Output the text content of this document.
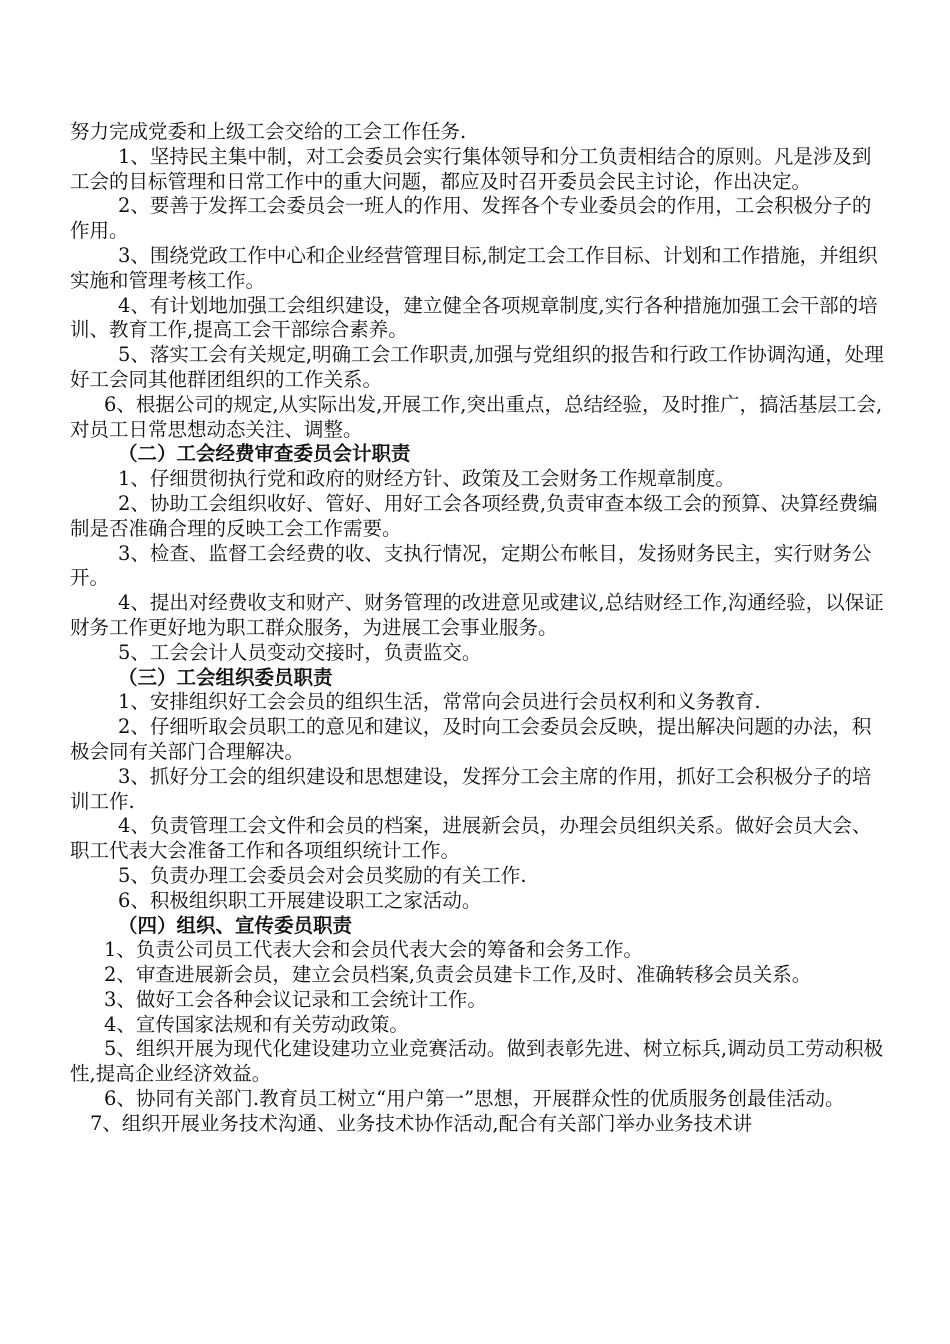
努力完成党委和上级工会交给的工会工作任务.

1、坚持民主集中制，对工会委员会实行集体领导和分工负责相结合的原则。凡是涉及到工会的目标管理和日常工作中的重大问题，都应及时召开委员会民主讨论，作出决定。

2、要善于发挥工会委员会一班人的作用、发挥各个专业委员会的作用，工会积极分子的作用。

3、围绕党政工作中心和企业经营管理目标,制定工会工作目标、计划和工作措施，并组织实施和管理考核工作。

4、有计划地加强工会组织建设，建立健全各项规章制度,实行各种措施加强工会干部的培训、教育工作,提高工会干部综合素养。

5、落实工会有关规定,明确工会工作职责,加强与党组织的报告和行政工作协调沟通，处理好工会同其他群团组织的工作关系。

6、根据公司的规定,从实际出发,开展工作,突出重点，总结经验，及时推广，搞活基层工会,对员工日常思想动态关注、调整。

（二）工会经费审查委员会计职责

1、仔细贯彻执行党和政府的财经方针、政策及工会财务工作规章制度。

2、协助工会组织收好、管好、用好工会各项经费,负责审查本级工会的预算、决算经费编制是否准确合理的反映工会工作需要。

3、检查、监督工会经费的收、支执行情况，定期公布帐目，发扬财务民主，实行财务公开。

4、提出对经费收支和财产、财务管理的改进意见或建议,总结财经工作,沟通经验，以保证财务工作更好地为职工群众服务，为进展工会事业服务。

5、工会会计人员变动交接时，负责监交。

（三）工会组织委员职责

1、安排组织好工会会员的组织生活，常常向会员进行会员权利和义务教育.

2、仔细听取会员职工的意见和建议，及时向工会委员会反映，提出解决问题的办法，积极会同有关部门合理解决。

3、抓好分工会的组织建设和思想建设，发挥分工会主席的作用，抓好工会积极分子的培训工作.

4、负责管理工会文件和会员的档案，进展新会员，办理会员组织关系。做好会员大会、职工代表大会准备工作和各项组织统计工作。

5、负责办理工会委员会对会员奖励的有关工作.

6、积极组织职工开展建设职工之家活动。

（四）组织、宣传委员职责

1、负责公司员工代表大会和会员代表大会的筹备和会务工作。

2、审查进展新会员，建立会员档案,负责会员建卡工作,及时、准确转移会员关系。

3、做好工会各种会议记录和工会统计工作。

4、宣传国家法规和有关劳动政策。

5、组织开展为现代化建设建功立业竞赛活动。做到表彰先进、树立标兵,调动员工劳动积极性,提高企业经济效益。

6、协同有关部门.教育员工树立“用户第一”思想，开展群众性的优质服务创最佳活动。

7、组织开展业务技术沟通、业务技术协作活动,配合有关部门举办业务技术讲
